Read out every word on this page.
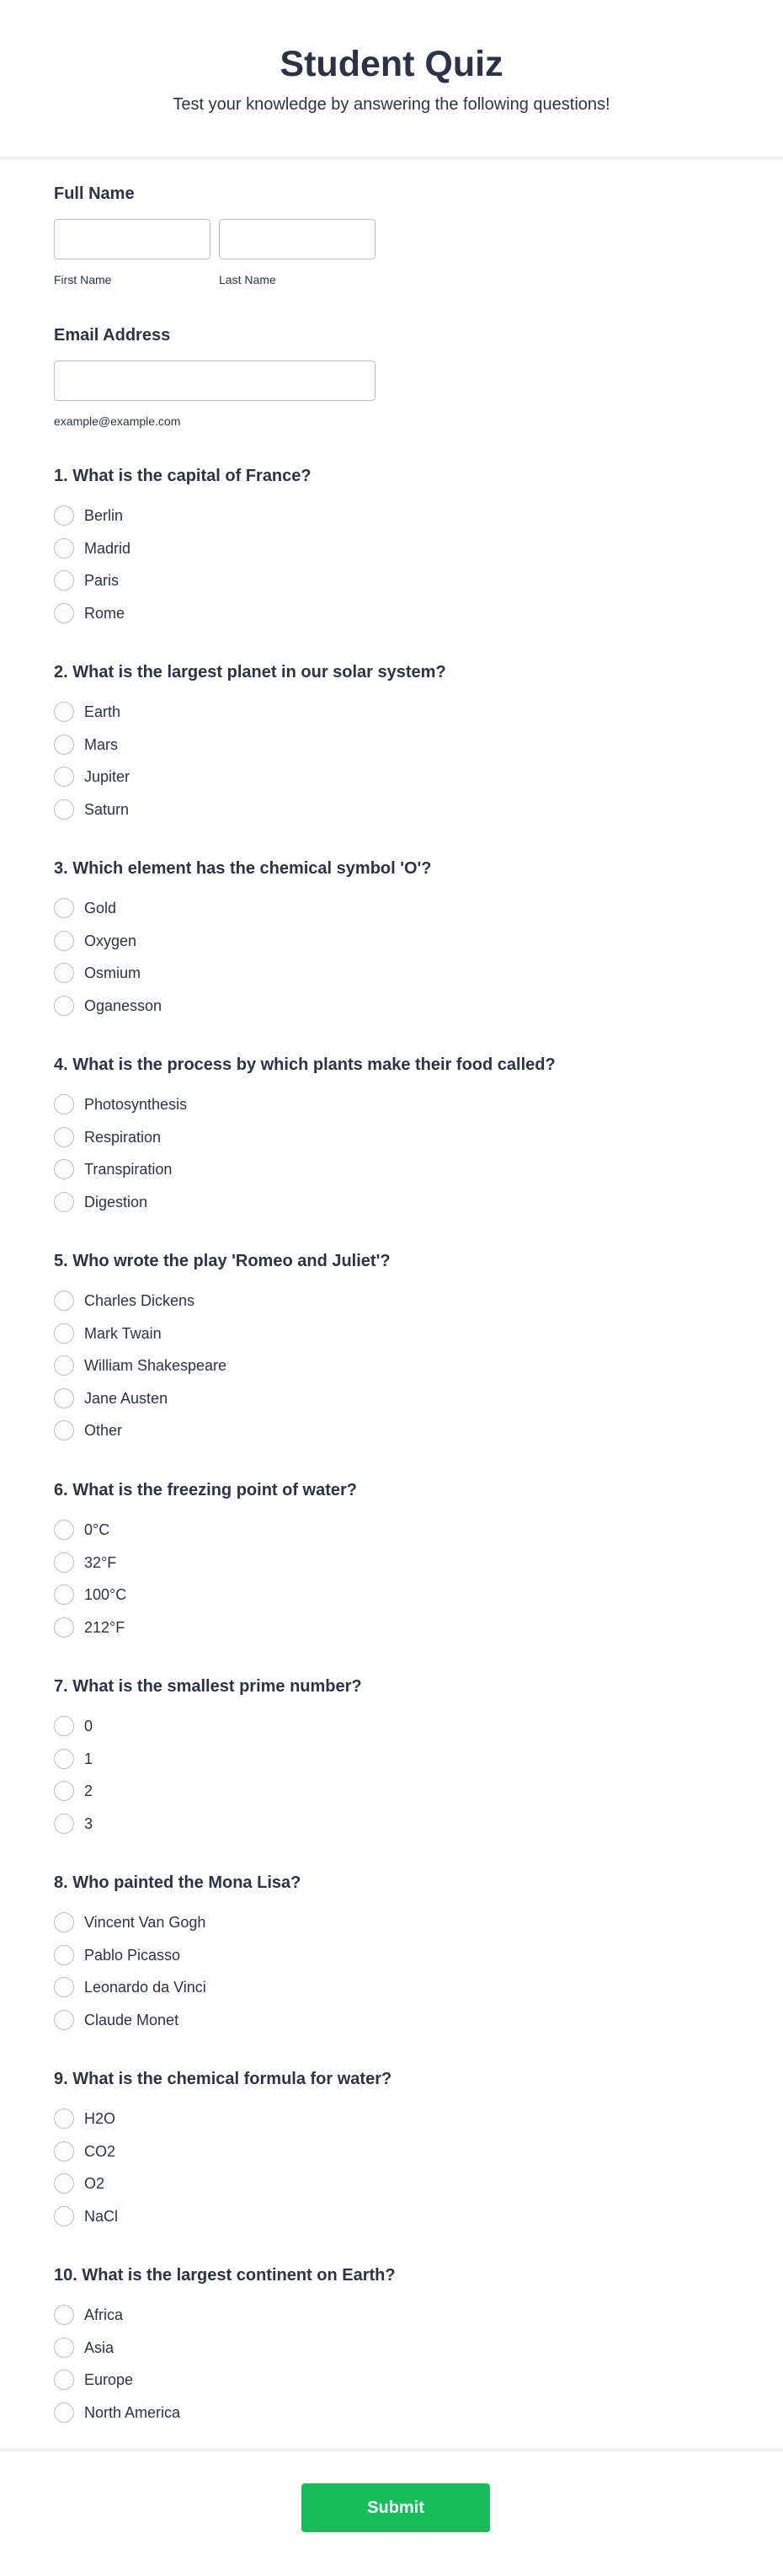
Student Quiz
Test your knowledge by answering the following questions!
Full Name
First Name	Last Name
Email Address
example@example.com
1. What is the capital of France?
Berlin
Madrid
Paris
Rome
2. What is the largest planet in our solar system?
Earth
Mars
Jupiter
Saturn
3. Which element has the chemical symbol 'O'?
Gold
Oxygen
Osmium
Oganesson
4. What is the process by which plants make their food called?
Photosynthesis
Respiration
Transpiration
Digestion
5. Who wrote the play 'Romeo and Juliet'?
Charles Dickens
Mark Twain
William Shakespeare
Jane Austen
Other
6. What is the freezing point of water?
0°C
32°F
100°C
212°F
7. What is the smallest prime number?
0
1
2
3
8. Who painted the Mona Lisa?
Vincent Van Gogh
Pablo Picasso
Leonardo da Vinci
Claude Monet
9. What is the chemical formula for water?
H2O
CO2
O2
NaCl
10. What is the largest continent on Earth?
Africa
Asia
Europe
North America
Submit
